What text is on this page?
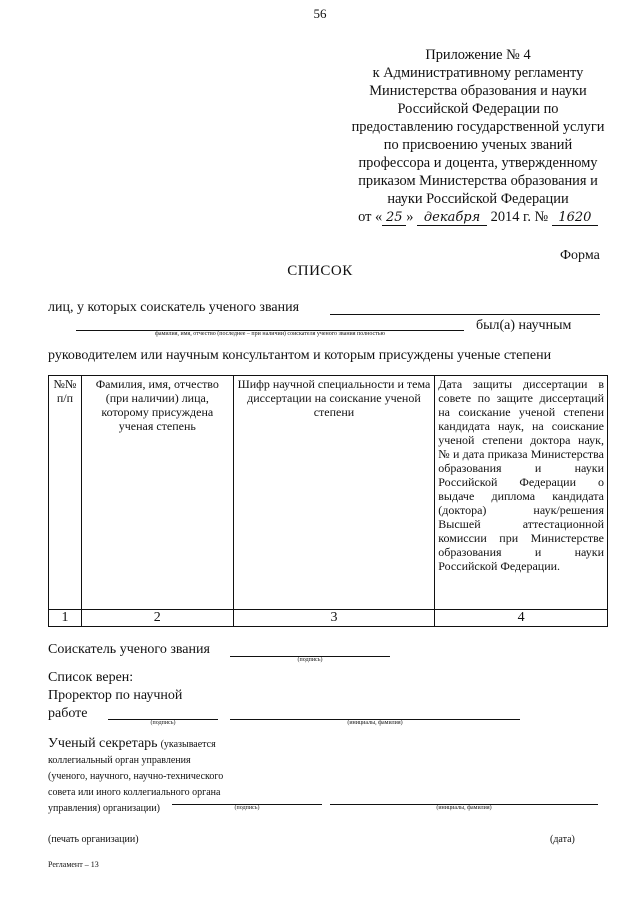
56
Приложение № 4
к Административному регламенту
Министерства образования и науки
Российской Федерации по
предоставлению государственной услуги
по присвоению ученых званий
профессора и доцента, утвержденному
приказом Министерства образования и
науки Российской Федерации
от « 25 » декабря 2014 г. № 1620
Форма
СПИСОК
лиц, у которых соискатель ученого звания
фамилия, имя, отчество (последнее – при наличии) соискателя ученого звания полностью
был(а) научным
руководителем или научным консультантом и которым присуждены ученые степени
№№ п/п	Фамилия, имя, отчество (при наличии) лица, которому присуждена ученая степень	Шифр научной специальности и тема диссертации на соискание ученой степени	Дата защиты диссертации в совете по защите диссертаций на соискание ученой степени кандидата наук, на соискание ученой степени доктора наук, № и дата приказа Министерства образования и науки Российской Федерации о выдаче диплома кандидата (доктора) наук/решения Высшей аттестационной комиссии при Министерстве образования и науки Российской Федерации.
1	2	3	4
Соискатель ученого звания
(подпись)
Список верен:
Проректор по научной
работе
(подпись)	(инициалы, фамилия)
Ученый секретарь (указывается
коллегиальный орган управления
(ученого, научного, научно-технического
совета или иного коллегиального органа
управления) организации)	(подпись)	(инициалы, фамилия)
(печать организации)	(дата)
Регламент – 13
